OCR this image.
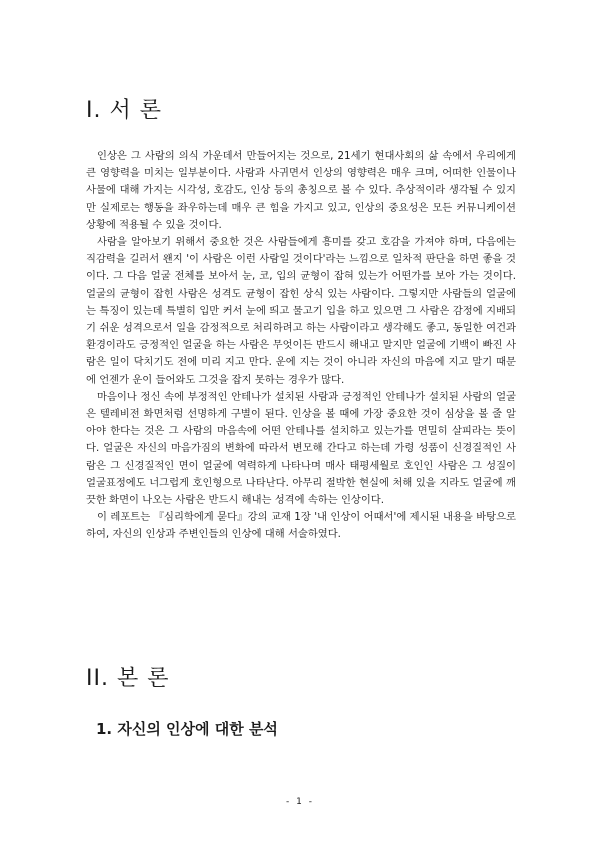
I. 서 론

인상은 그 사람의 의식 가운데서 만들어지는 것으로, 21세기 현대사회의 삶 속에서 우리에게 큰 영향력을 미치는 일부분이다. 사람과 사귀면서 인상의 영향력은 매우 크며, 어떠한 인물이나 사물에 대해 가지는 시각성, 호감도, 인상 등의 총칭으로 볼 수 있다. 추상적이라 생각될 수 있지만 실제로는 행동을 좌우하는데 매우 큰 힘을 가지고 있고, 인상의 중요성은 모든 커뮤니케이션 상황에 적용될 수 있을 것이다.

사람을 알아보기 위해서 중요한 것은 사람들에게 흥미를 갖고 호감을 가져야 하며, 다음에는 직감력을 길러서 왠지 '이 사람은 이런 사람일 것이다'라는 느낌으로 일차적 판단을 하면 좋을 것이다. 그 다음 얼굴 전체를 보아서 눈, 코, 입의 균형이 잡혀 있는가 어떤가를 보아 가는 것이다. 얼굴의 균형이 잡힌 사람은 성격도 균형이 잡힌 상식 있는 사람이다. 그렇지만 사람들의 얼굴에는 특징이 있는데 특별히 입만 커서 눈에 띄고 물고기 입을 하고 있으면 그 사람은 감정에 지배되기 쉬운 성격으로서 일을 감정적으로 처리하려고 하는 사람이라고 생각해도 좋고, 동일한 여건과 환경이라도 긍정적인 얼굴을 하는 사람은 무엇이든 반드시 해내고 말지만 얼굴에 기백이 빠진 사람은 일이 닥치기도 전에 미리 지고 만다. 운에 지는 것이 아니라 자신의 마음에 지고 말기 때문에 언젠가 운이 들어와도 그것을 잡지 못하는 경우가 많다.

마음이나 정신 속에 부정적인 안테나가 설치된 사람과 긍정적인 안테나가 설치된 사람의 얼굴은 텔레비전 화면처럼 선명하게 구별이 된다. 인상을 볼 때에 가장 중요한 것이 심상을 볼 줄 알아야 한다는 것은 그 사람의 마음속에 어떤 안테나를 설치하고 있는가를 면밀히 살피라는 뜻이다. 얼굴은 자신의 마음가짐의 변화에 따라서 변모해 간다고 하는데 가령 성품이 신경질적인 사람은 그 신경질적인 면이 얼굴에 역력하게 나타나며 매사 태평세월로 호인인 사람은 그 성질이 얼굴표정에도 너그럽게 호인형으로 나타난다. 아무리 절박한 현실에 처해 있을 지라도 얼굴에 깨끗한 화면이 나오는 사람은 반드시 해내는 성격에 속하는 인상이다.

이 레포트는 『심리학에게 묻다』강의 교재 1장 '내 인상이 어때서'에 제시된 내용을 바탕으로 하여, 자신의 인상과 주변인들의 인상에 대해 서술하였다.

II. 본 론
1. 자신의 인상에 대한 분석
- 1 -
